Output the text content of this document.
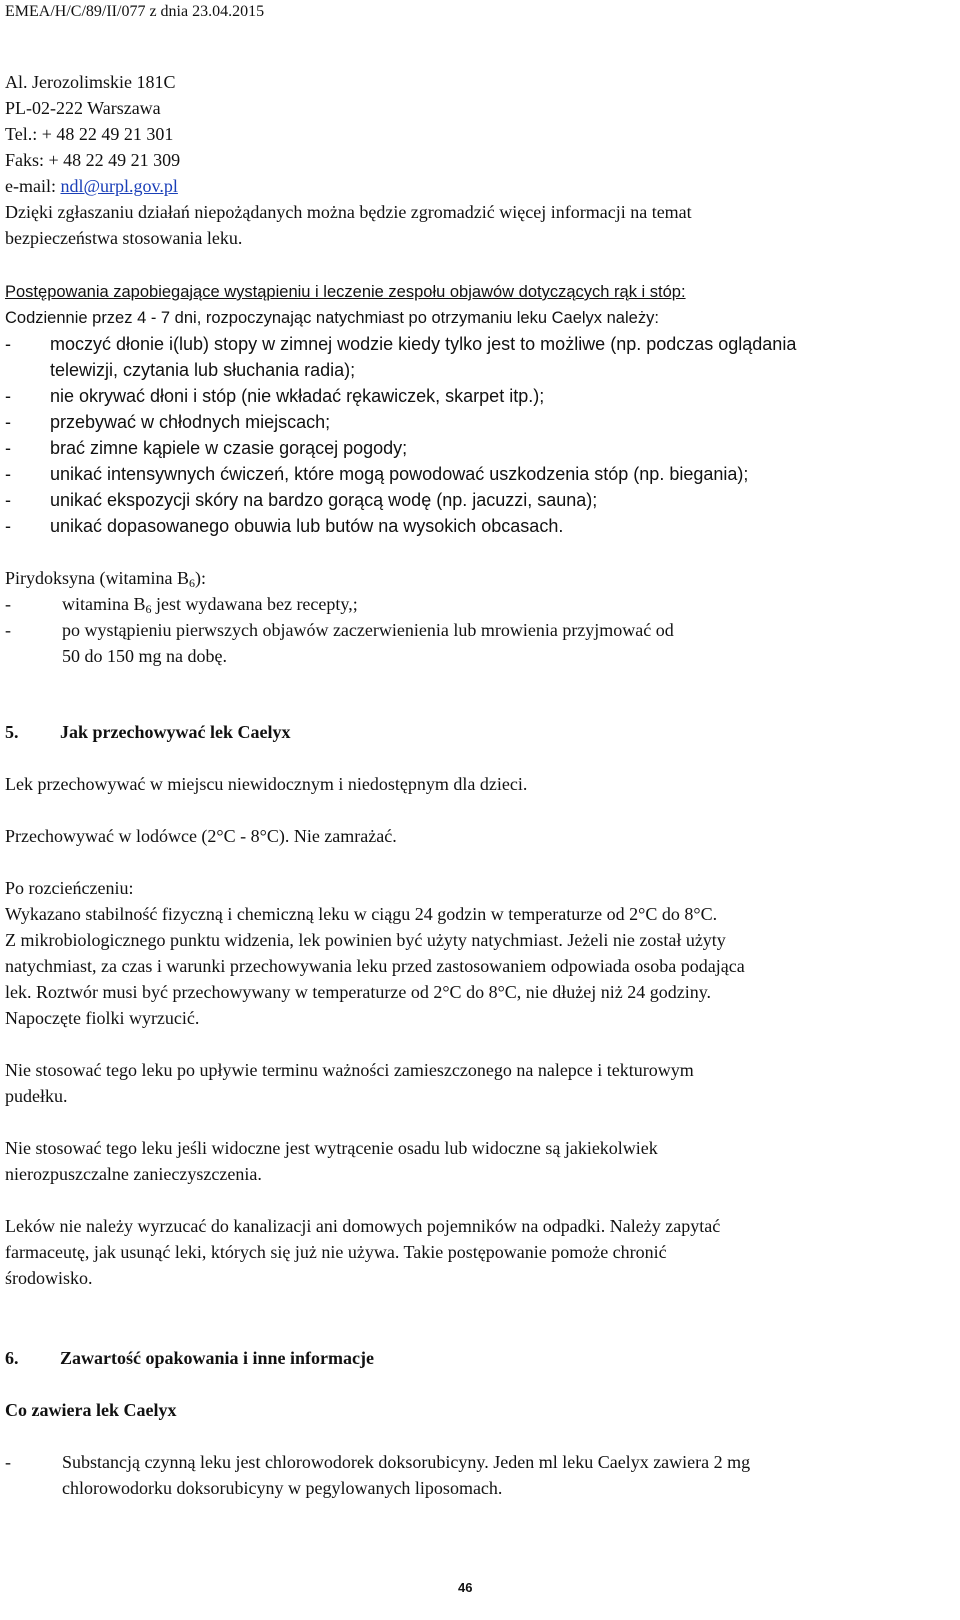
EMEA/H/C/89/II/077 z dnia 23.04.2015
Al. Jerozolimskie 181C
PL-02-222 Warszawa
Tel.: + 48 22 49 21 301
Faks: + 48 22 49 21 309
e-mail: ndl@urpl.gov.pl
Dzięki zgłaszaniu działań niepożądanych można będzie zgromadzić więcej informacji na temat
bezpieczeństwa stosowania leku.
Postępowania zapobiegające wystąpieniu i leczenie zespołu objawów dotyczących rąk i stóp:
Codziennie przez 4 - 7 dni, rozpoczynając natychmiast po otrzymaniu leku Caelyx należy:
- moczyć dłonie i(lub) stopy w zimnej wodzie kiedy tylko jest to możliwe (np. podczas oglądania
telewizji, czytania lub słuchania radia);
- nie okrywać dłoni i stóp (nie wkładać rękawiczek, skarpet itp.);
- przebywać w chłodnych miejscach;
- brać zimne kąpiele w czasie gorącej pogody;
- unikać intensywnych ćwiczeń, które mogą powodować uszkodzenia stóp (np. biegania);
- unikać ekspozycji skóry na bardzo gorącą wodę (np. jacuzzi, sauna);
- unikać dopasowanego obuwia lub butów na wysokich obcasach.
Pirydoksyna (witamina $B_6$):
-	witamina $B_6$ jest wydawana bez recepty,;
-	po wystąpieniu pierwszych objawów zaczerwienienia lub mrowienia przyjmować od
50 do 150 mg na dobę.
5. Jak przechowywać lek Caelyx
Lek przechowywać w miejscu niewidocznym i niedostępnym dla dzieci.
Przechowywać w lodówce (2°C - 8°C). Nie zamrażać.
Po rozcieńczeniu:
Wykazano stabilność fizyczną i chemiczną leku w ciągu 24 godzin w temperaturze od 2°C do 8°C.
Z mikrobiologicznego punktu widzenia, lek powinien być użyty natychmiast. Jeżeli nie został użyty
natychmiast, za czas i warunki przechowywania leku przed zastosowaniem odpowiada osoba podająca
lek. Roztwór musi być przechowywany w temperaturze od 2°C do 8°C, nie dłużej niż 24 godziny.
Napoczęte fiolki wyrzucić.
Nie stosować tego leku po upływie terminu ważności zamieszczonego na nalepce i tekturowym
pudełku.
Nie stosować tego leku jeśli widoczne jest wytrącenie osadu lub widoczne są jakiekolwiek
nierozpuszczalne zanieczyszczenia.
Leków nie należy wyrzucać do kanalizacji ani domowych pojemników na odpadki. Należy zapytać
farmaceutę, jak usunąć leki, których się już nie używa. Takie postępowanie pomoże chronić
środowisko.
6. Zawartość opakowania i inne informacje
Co zawiera lek Caelyx
-	Substancją czynną leku jest chlorowodorek doksorubicyny. Jeden ml leku Caelyx zawiera 2 mg
chlorowodorku doksorubicyny w pegylowanych liposomach.
46
